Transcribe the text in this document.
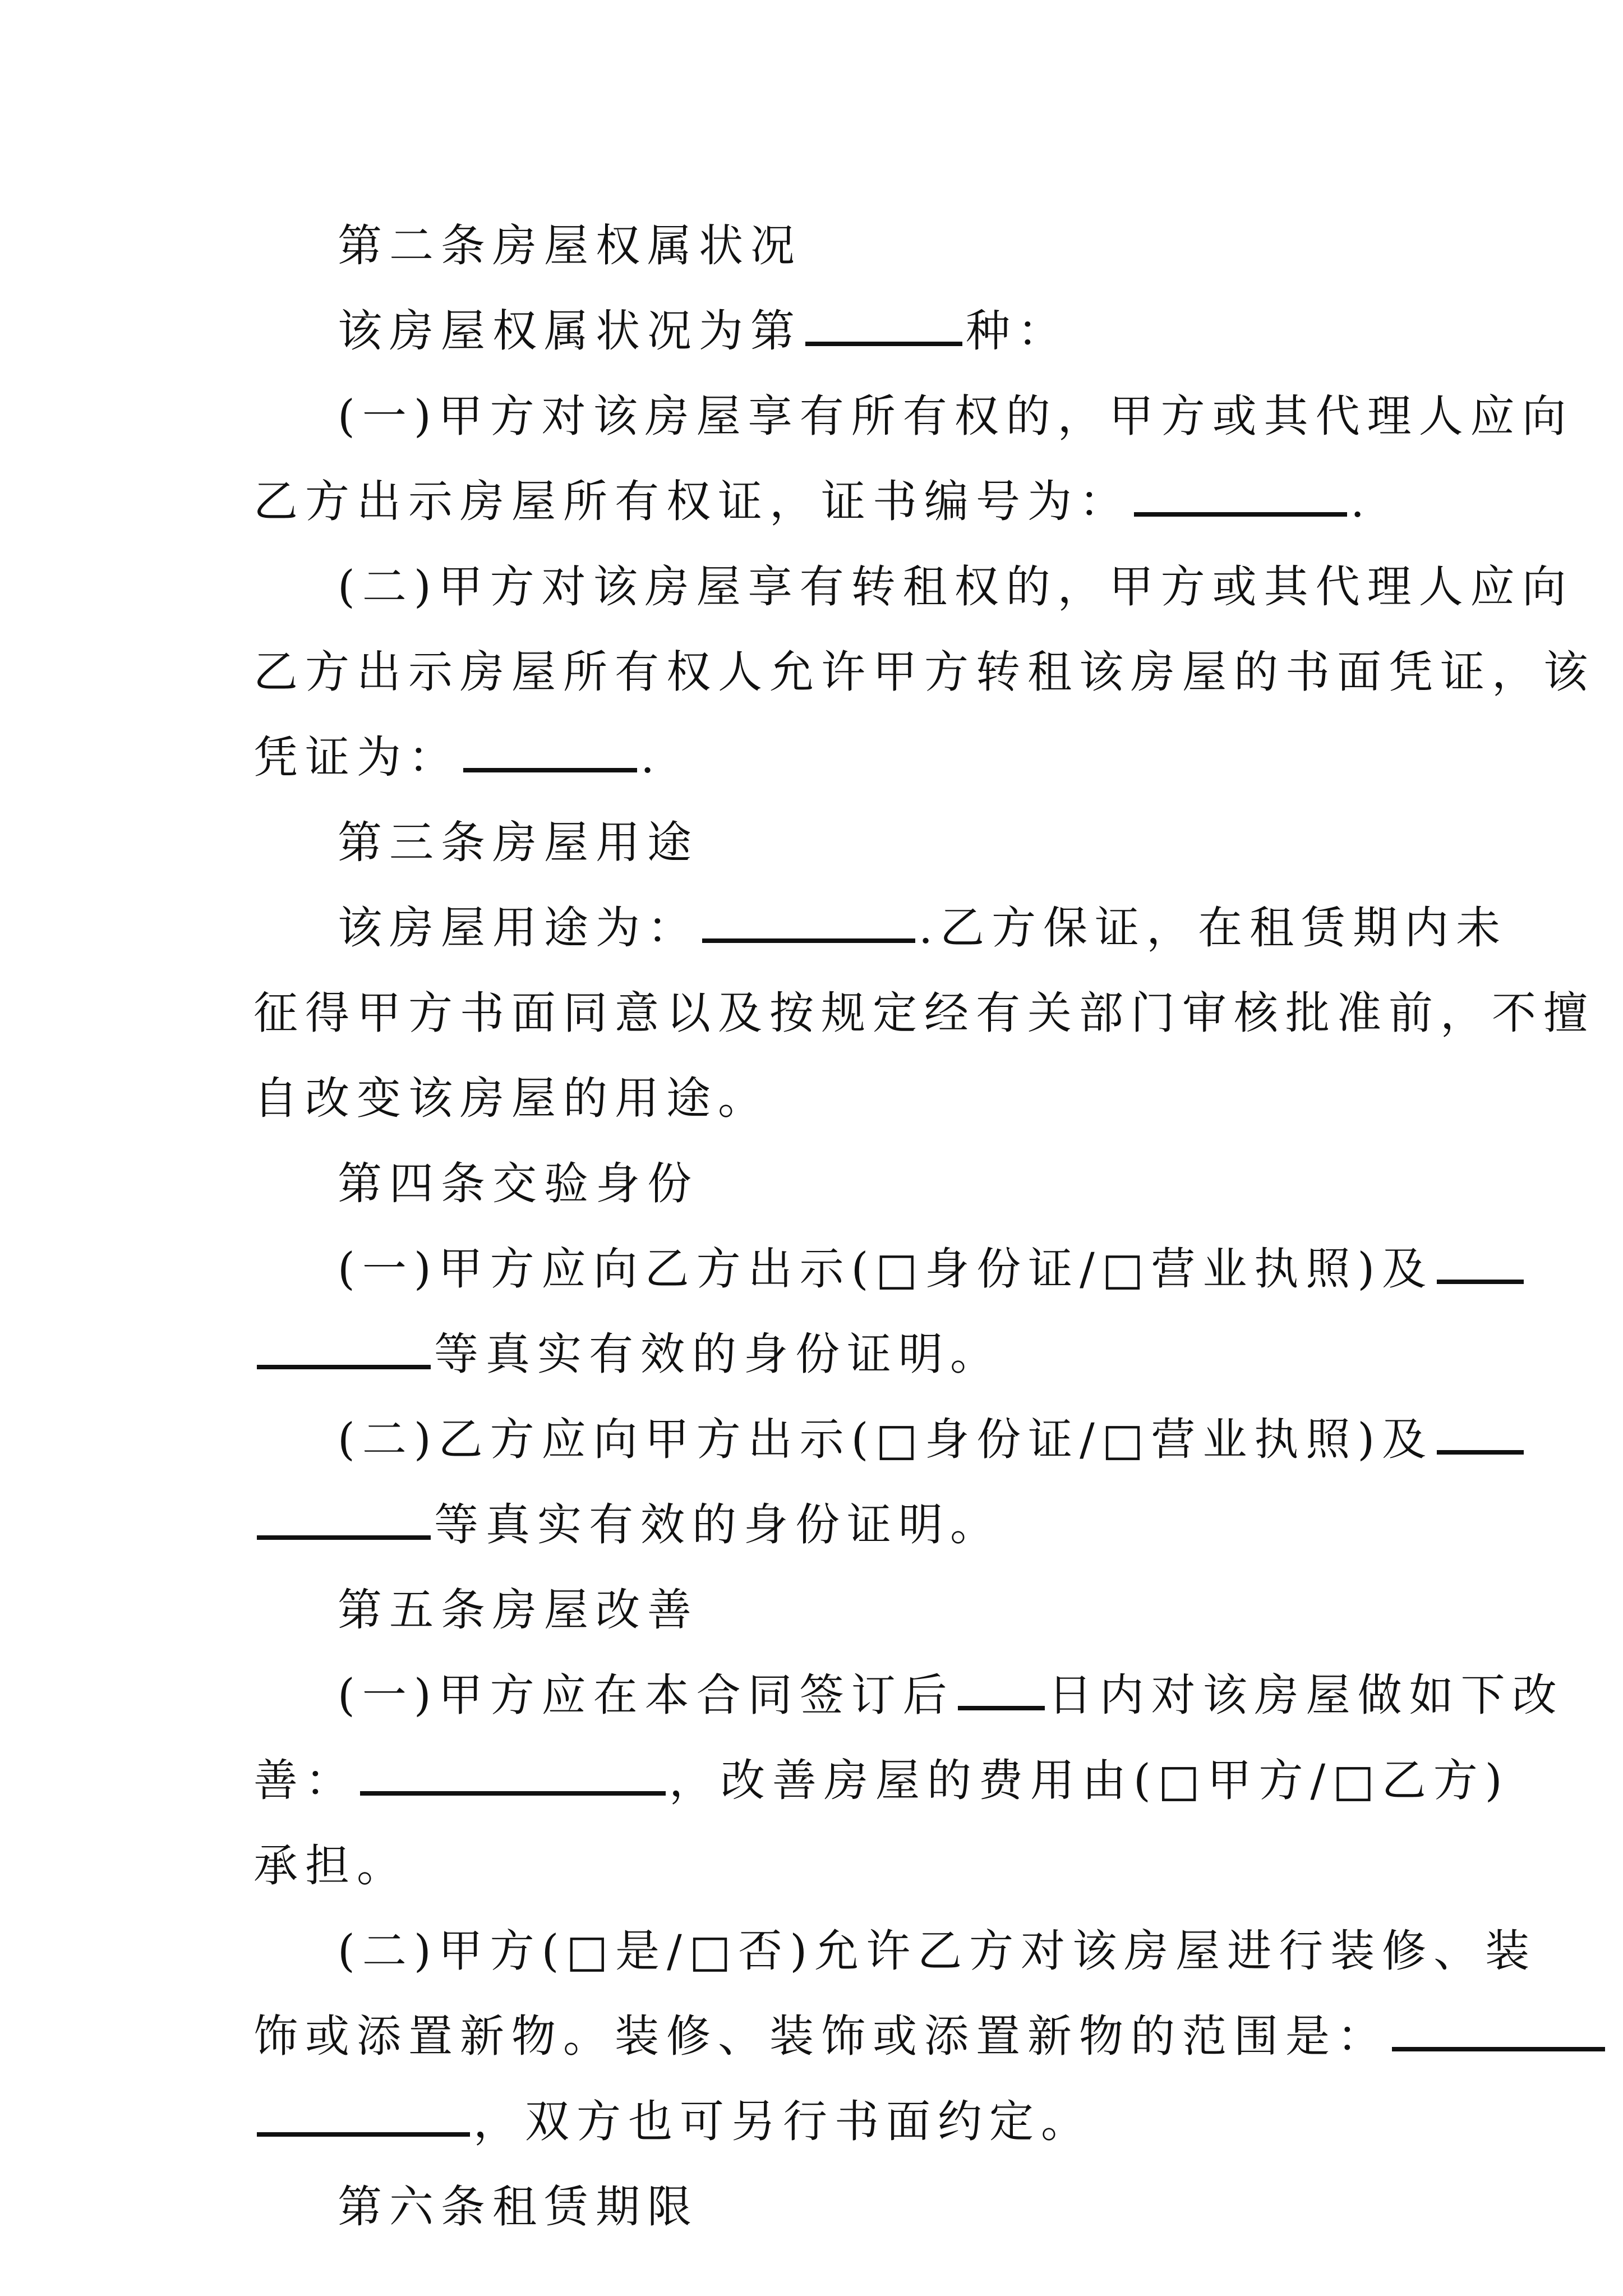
第二条房屋权属状况
该房屋权属状况为第	种：
(一)甲方对该房屋享有所有权的，甲方或其代理人应向
乙方出示房屋所有权证，证书编号为：	.
(二)甲方对该房屋享有转租权的，甲方或其代理人应向
乙方出示房屋所有权人允许甲方转租该房屋的书面凭证，该
凭证为：	.
第三条房屋用途
该房屋用途为：	.乙方保证，在租赁期内未
征得甲方书面同意以及按规定经有关部门审核批准前，不擅
自改变该房屋的用途。
第四条交验身份
(一)甲方应向乙方出示(□身份证/□营业执照)及
等真实有效的身份证明。
(二)乙方应向甲方出示(□身份证/□营业执照)及
等真实有效的身份证明。
第五条房屋改善
(一)甲方应在本合同签订后 日内对该房屋做如下改
善：	，改善房屋的费用由(□甲方/□乙方)
承担。
(二)甲方(□是/□否)允许乙方对该房屋进行装修、装
饰或添置新物。装修、装饰或添置新物的范围是：
，双方也可另行书面约定。
第六条租赁期限
